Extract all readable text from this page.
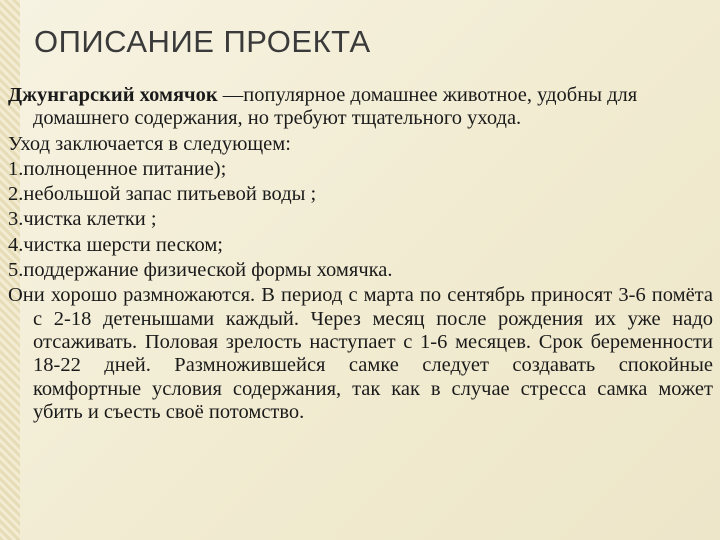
ОПИСАНИЕ ПРОЕКТА

Джунгарский хомячок —популярное домашнее животное, удобны для домашнего содержания, но требуют тщательного ухода.

Уход заключается в следующем:

1.полноценное питание);

2.небольшой запас питьевой воды ;

3.чистка клетки ;

4.чистка шерсти песком;

5.поддержание физической формы хомячка.

Они хорошо размножаются. В период с марта по сентябрь приносят 3-6 помёта с 2-18 детенышами каждый. Через месяц после рождения их уже надо отсаживать. Половая зрелость наступает с 1-6 месяцев. Срок беременности 18-22 дней. Размножившейся самке следует создавать спокойные комфортные условия содержания, так как в случае стресса самка может убить и съесть своё потомство.
